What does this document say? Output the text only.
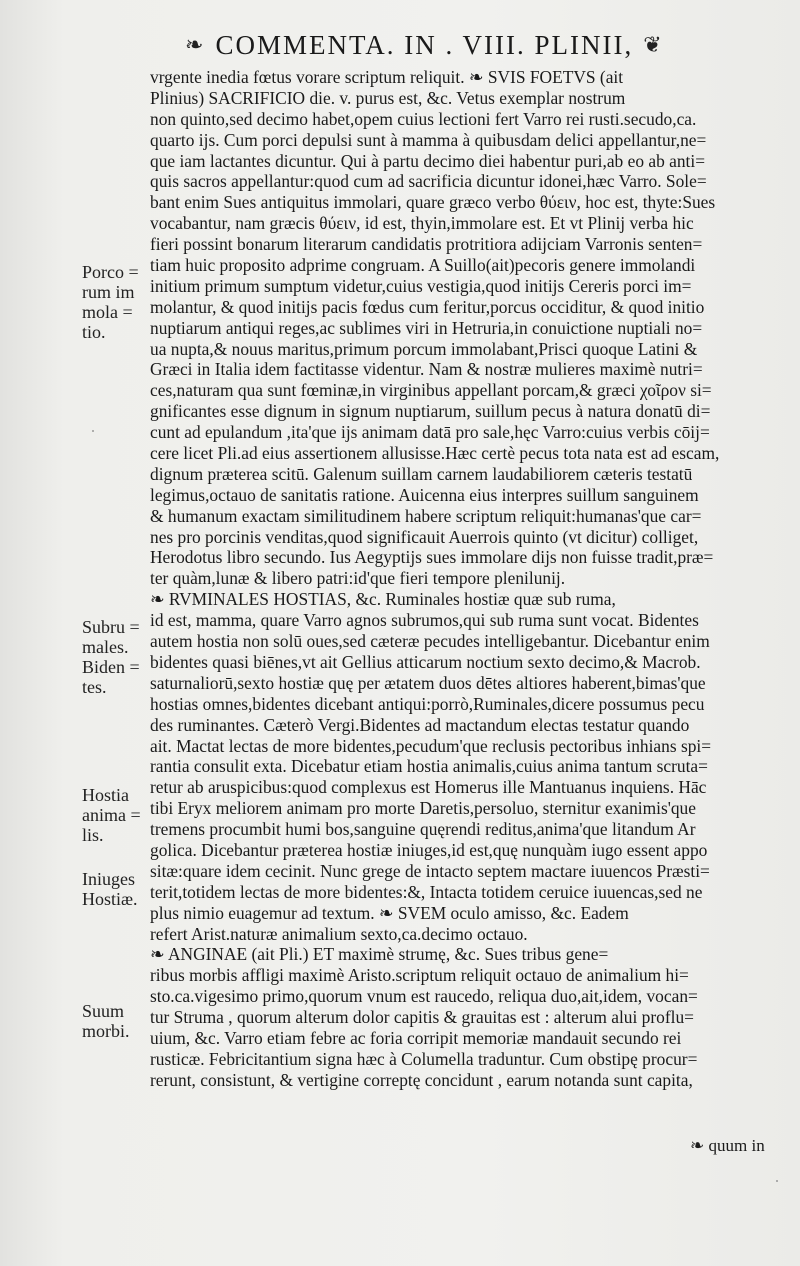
❧ COMMENTA. IN . VIII. PLINII, ❦
Porco =
rum im
mola =
tio.
Subru =
males.
Biden =
tes.
Hostia
anima =
lis.
Iniuges
Hostiæ.
Suum
morbi.
vrgente inedia fœtus vorare scriptum reliquit. ❧ SVIS FOETVS (ait
Plinius) SACRIFICIO die. v. purus est, &c. Vetus exemplar nostrum
non quinto,sed decimo habet,opem cuius lectioni fert Varro rei rusti.secudo,ca.
quarto ijs. Cum porci depulsi sunt à mamma à quibusdam delici appellantur,ne=
que iam lactantes dicuntur. Qui à partu decimo diei habentur puri,ab eo ab anti=
quis sacros appellantur:quod cum ad sacrificia dicuntur idonei,hæc Varro. Sole=
bant enim Sues antiquitus immolari, quare græco verbo θύειν, hoc est, thyte:Sues
vocabantur, nam græcis θύειν, id est, thyin,immolare est. Et vt Plinij verba hic
fieri possint bonarum literarum candidatis protritiora adijciam Varronis senten=
tiam huic proposito adprime congruam. A Suillo(ait)pecoris genere immolandi
initium primum sumptum videtur,cuius vestigia,quod initijs Cereris porci im=
molantur, & quod initijs pacis fœdus cum feritur,porcus occiditur, & quod initio
nuptiarum antiqui reges,ac sublimes viri in Hetruria,in conuictione nuptiali no=
ua nupta,& nouus maritus,primum porcum immolabant,Prisci quoque Latini &
Græci in Italia idem factitasse videntur. Nam & nostræ mulieres maximè nutri=
ces,naturam qua sunt fœminæ,in virginibus appellant porcam,& græci χοῖρον si=
gnificantes esse dignum in signum nuptiarum, suillum pecus à natura donatū di=
cunt ad epulandum ,ita'que ijs animam datā pro sale,hęc Varro:cuius verbis cōij=
cere licet Pli.ad eius assertionem allusisse.Hæc certè pecus tota nata est ad escam,
dignum præterea scitū. Galenum suillam carnem laudabiliorem cæteris testatū
legimus,octauo de sanitatis ratione. Auicenna eius interpres suillum sanguinem
& humanum exactam similitudinem habere scriptum reliquit:humanas'que car=
nes pro porcinis venditas,quod significauit Auerrois quinto (vt dicitur) colliget,
Herodotus libro secundo. Ius Aegyptijs sues immolare dijs non fuisse tradit,præ=
ter quàm,lunæ & libero patri:id'que fieri tempore plenilunij.
❧ RVMINALES HOSTIAS, &c. Ruminales hostiæ quæ sub ruma,
id est, mamma, quare Varro agnos subrumos,qui sub ruma sunt vocat. Bidentes
autem hostia non solū oues,sed cæteræ pecudes intelligebantur. Dicebantur enim
bidentes quasi biēnes,vt ait Gellius atticarum noctium sexto decimo,& Macrob.
saturnaliorū,sexto hostiæ quę per ætatem duos dētes altiores haberent,bimas'que
hostias omnes,bidentes dicebant antiqui:porrò,Ruminales,dicere possumus pecu
des ruminantes. Cæterò Vergi.Bidentes ad mactandum electas testatur quando
ait. Mactat lectas de more bidentes,pecudum'que reclusis pectoribus inhians spi=
rantia consulit exta. Dicebatur etiam hostia animalis,cuius anima tantum scruta=
retur ab aruspicibus:quod complexus est Homerus ille Mantuanus inquiens. Hāc
tibi Eryx meliorem animam pro morte Daretis,persoluo, sternitur exanimis'que
tremens procumbit humi bos,sanguine quęrendi reditus,anima'que litandum Ar
golica. Dicebantur præterea hostiæ iniuges,id est,quę nunquàm iugo essent appo
sitæ:quare idem cecinit. Nunc grege de intacto septem mactare iuuencos Præsti=
terit,totidem lectas de more bidentes:&, Intacta totidem ceruice iuuencas,sed ne
plus nimio euagemur ad textum. ❧ SVEM oculo amisso, &c. Eadem
refert Arist.naturæ animalium sexto,ca.decimo octauo.
❧ ANGINAE (ait Pli.) ET maximè strumę, &c. Sues tribus gene=
ribus morbis affligi maximè Aristo.scriptum reliquit octauo de animalium hi=
sto.ca.vigesimo primo,quorum vnum est raucedo, reliqua duo,ait,idem, vocan=
tur Struma , quorum alterum dolor capitis & grauitas est : alterum alui proflu=
uium, &c. Varro etiam febre ac foria corripit memoriæ mandauit secundo rei
rusticæ. Febricitantium signa hæc à Columella traduntur. Cum obstipę procur=
rerunt, consistunt, & vertigine correptę concidunt , earum notanda sunt capita,
❧ quum in
